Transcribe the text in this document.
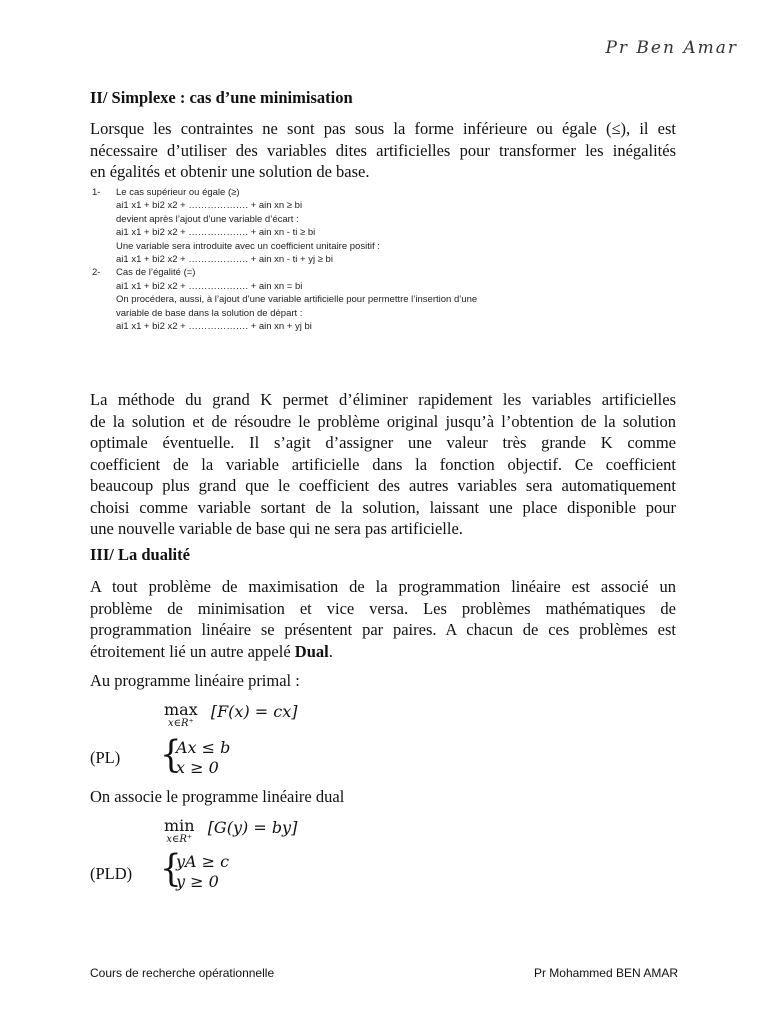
Pr Ben Amar
II/ Simplexe : cas d’une minimisation
Lorsque les contraintes ne sont pas sous la forme inférieure ou égale (≤), il est
nécessaire d’utiliser des variables dites artificielles pour transformer les inégalités
en égalités et obtenir une solution de base.
1- Le cas supérieur ou égale (≥)
ai1 x1 + bi2 x2 + ………………. + ain xn ≥ bi
devient après l’ajout d’une variable d’écart :
ai1 x1 + bi2 x2 + ………………. + ain xn - ti ≥ bi
Une variable sera introduite avec un coefficient unitaire positif :
ai1 x1 + bi2 x2 + ………………. + ain xn - ti + yj ≥ bi
2- Cas de l’égalité (=)
ai1 x1 + bi2 x2 + ………………. + ain xn = bi
On procédera, aussi, à l’ajout d’une variable artificielle pour permettre l’insertion d’une
variable de base dans la solution de départ :
ai1 x1 + bi2 x2 + ………………. + ain xn + yj bi
La méthode du grand K permet d’éliminer rapidement les variables artificielles
de la solution et de résoudre le problème original jusqu’à l’obtention de la solution
optimale éventuelle. Il s’agit d’assigner une valeur très grande K comme
coefficient de la variable artificielle dans la fonction objectif. Ce coefficient
beaucoup plus grand que le coefficient des autres variables sera automatiquement
choisi comme variable sortant de la solution, laissant une place disponible pour
une nouvelle variable de base qui ne sera pas artificielle.
III/ La dualité
A tout problème de maximisation de la programmation linéaire est associé un
problème de minimisation et vice versa. Les problèmes mathématiques de
programmation linéaire se présentent par paires. A chacun de ces problèmes est
étroitement lié un autre appelé Dual.
Au programme linéaire primal :
max
x∈R⁺
[F(x) = cx]
(PL) {
Ax ≤ b
x ≥ 0
On associe le programme linéaire dual
min
x∈R⁺
[G(y) = by]
(PLD) {
yA ≥ c
y ≥ 0
Cours de recherche opérationnelle	Pr Mohammed BEN AMAR
